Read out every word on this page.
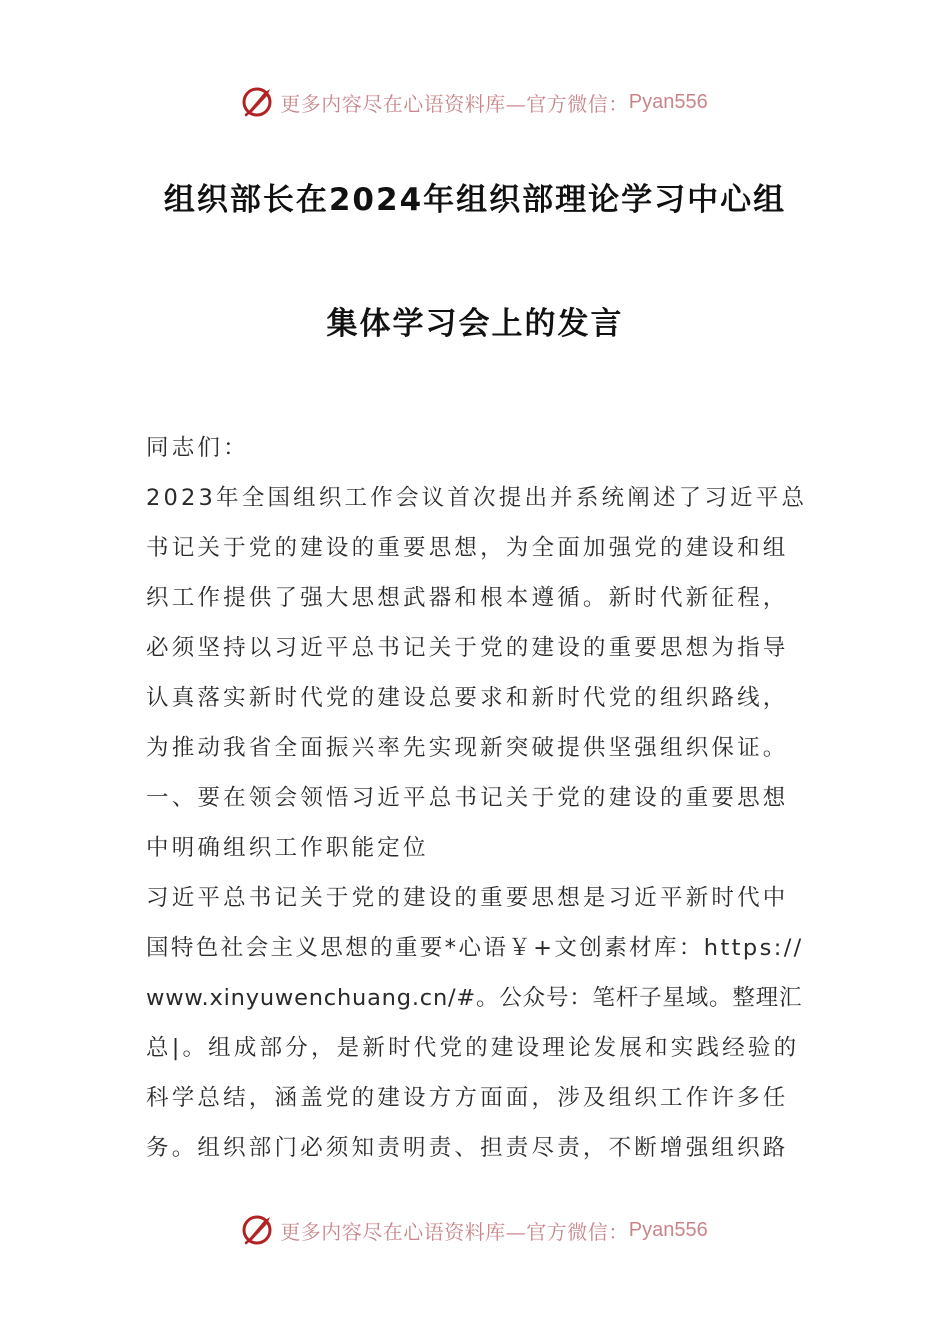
更多内容尽在心语资料库—官方微信： Pyan556
组织部长在2024年组织部理论学习中心组
集体学习会上的发言
同志们：
2023年全国组织工作会议首次提出并系统阐述了习近平总
书记关于党的建设的重要思想，为全面加强党的建设和组
织工作提供了强大思想武器和根本遵循。新时代新征程，
必须坚持以习近平总书记关于党的建设的重要思想为指导
认真落实新时代党的建设总要求和新时代党的组织路线，
为推动我省全面振兴率先实现新突破提供坚强组织保证。
一、要在领会领悟习近平总书记关于党的建设的重要思想
中明确组织工作职能定位
习近平总书记关于党的建设的重要思想是习近平新时代中
国特色社会主义思想的重要*心语￥+文创素材库：https://
www.xinyuwenchuang.cn/#。公众号：笔杆子星域。整理汇
总|。组成部分，是新时代党的建设理论发展和实践经验的
科学总结，涵盖党的建设方方面面，涉及组织工作许多任
务。组织部门必须知责明责、担责尽责，不断增强组织路
更多内容尽在心语资料库—官方微信： Pyan556
